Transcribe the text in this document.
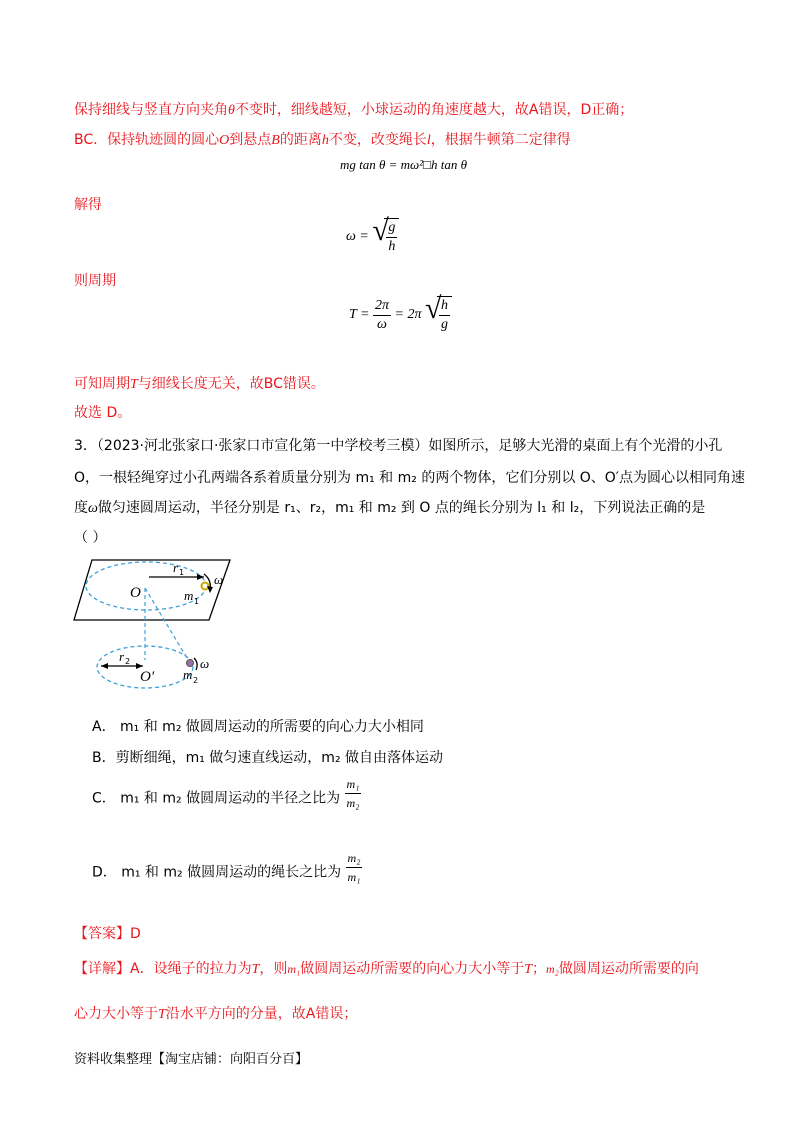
保持细线与竖直方向夹角θ不变时，细线越短，小球运动的角速度越大，故A错误，D正确；
BC．保持轨迹圆的圆心O到悬点B的距离h不变，改变绳长l，根据牛顿第二定律得
mg tan θ = mω²□h tan θ
解得
ω = √
$\frac{g}{h}$
则周期
$T = \frac{2\pi}{\omega} = 2\pi$ √
$\frac{h}{g}$
可知周期T与细线长度无关，故BC错误。
故选 D。
3．（2023·河北张家口·张家口市宣化第一中学校考三模）如图所示，足够大光滑的桌面上有个光滑的小孔
O，一根轻绳穿过小孔两端各系着质量分别为 m₁ 和 m₂ 的两个物体，它们分别以 O、O′点为圆心以相同角速
度ω做匀速圆周运动，半径分别是 r₁、r₂，m₁ 和 m₂ 到 O 点的绳长分别为 l₁ 和 l₂，下列说法正确的是
（ ）
O
O′
r 1
r 2
m 1
m 2
ω
ω
A． m₁ 和 m₂ 做圆周运动的所需要的向心力大小相同
B．剪断细绳，m₁ 做匀速直线运动，m₂ 做自由落体运动
C． m₁ 和 m₂ 做圆周运动的半径之比为 $\frac{\text{m₁}}{\text{m₂}}$
D． m₁ 和 m₂ 做圆周运动的绳长之比为 $\frac{\text{m₂}}{\text{m₁}}$
【答案】D
【详解】A．设绳子的拉力为T，则m₁做圆周运动所需要的向心力大小等于T；m₂做圆周运动所需要的向
心力大小等于T沿水平方向的分量，故A错误；
资料收集整理【淘宝店铺：向阳百分百】
